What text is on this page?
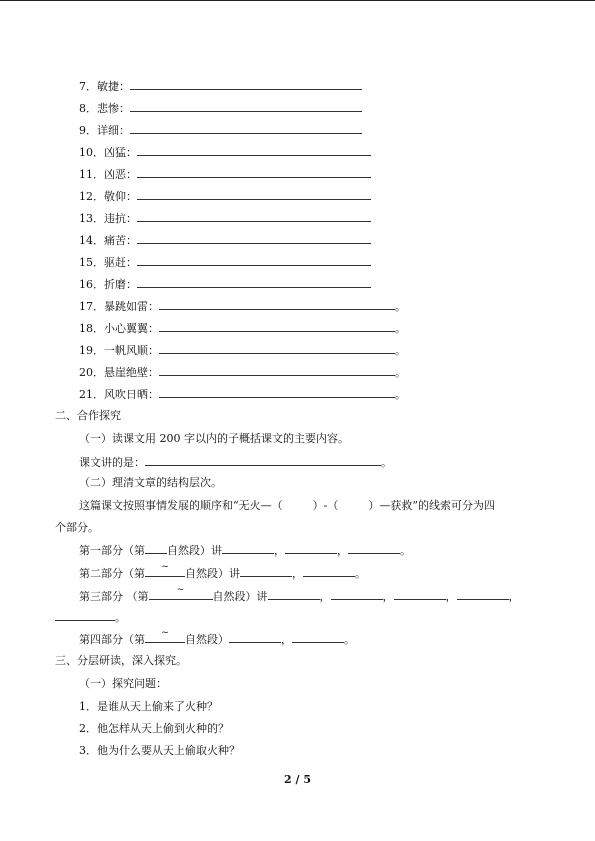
7．敏捷：
8．悲惨：
9．详细：
10．凶猛：
11．凶恶：
12．敬仰：
13．违抗：
14．痛苦：
15．驱赶：
16．折磨：
17．暴跳如雷：	。
18．小心翼翼：	。
19．一帆风顺：	。
20．悬崖绝壁：	。
21．风吹日晒：	。
二、合作探究
（一）读课文用 200 字以内的子概括课文的主要内容。
课文讲的是：	。
（二）理清文章的结构层次。
这篇课文按照事情发展的顺序和“无火—（	）-（	）—获救”的线索可分为四
个部分。
第一部分（第 自然段）讲	，	，	。
第二部分（第 ~ 自然段）讲	，	。
第三部分 （第	~	自然段）讲	，	，	，	，
。
第四部分（第 ~ 自然段）	，	。
三、分层研读，深入探究。
（一）探究问题：
1．是谁从天上偷来了火种？
2．他怎样从天上偷到火种的？
3．他为什么要从天上偷取火种？
2 / 5
